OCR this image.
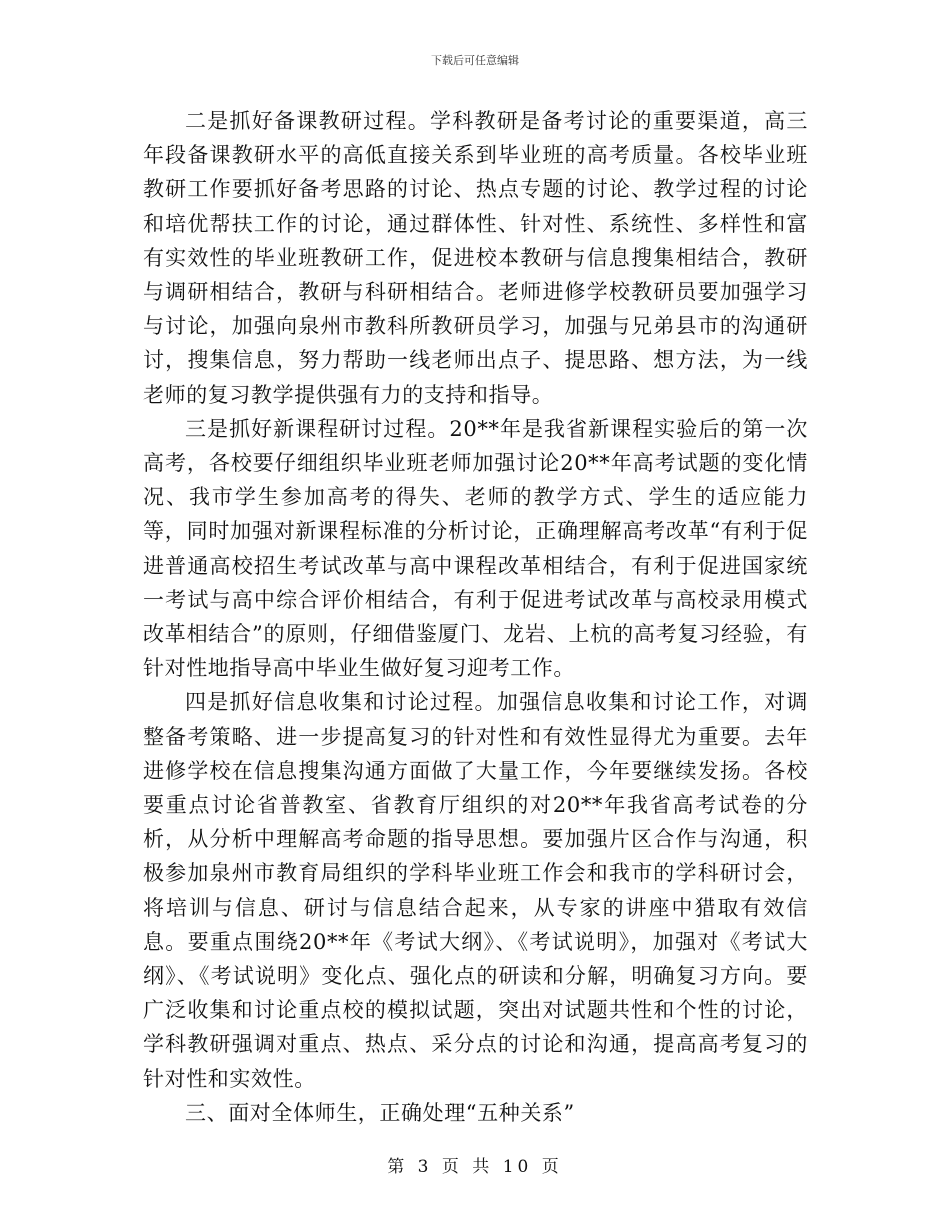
下载后可任意编辑

二是抓好备课教研过程。学科教研是备考讨论的重要渠道，高三年段备课教研水平的高低直接关系到毕业班的高考质量。各校毕业班教研工作要抓好备考思路的讨论、热点专题的讨论、教学过程的讨论和培优帮扶工作的讨论，通过群体性、针对性、系统性、多样性和富有实效性的毕业班教研工作，促进校本教研与信息搜集相结合，教研与调研相结合，教研与科研相结合。老师进修学校教研员要加强学习与讨论，加强向泉州市教科所教研员学习，加强与兄弟县市的沟通研讨，搜集信息，努力帮助一线老师出点子、提思路、想方法，为一线老师的复习教学提供强有力的支持和指导。

三是抓好新课程研讨过程。20**年是我省新课程实验后的第一次高考，各校要仔细组织毕业班老师加强讨论20**年高考试题的变化情况、我市学生参加高考的得失、老师的教学方式、学生的适应能力等，同时加强对新课程标准的分析讨论，正确理解高考改革“有利于促进普通高校招生考试改革与高中课程改革相结合，有利于促进国家统一考试与高中综合评价相结合，有利于促进考试改革与高校录用模式改革相结合”的原则，仔细借鉴厦门、龙岩、上杭的高考复习经验，有针对性地指导高中毕业生做好复习迎考工作。

四是抓好信息收集和讨论过程。加强信息收集和讨论工作，对调整备考策略、进一步提高复习的针对性和有效性显得尤为重要。去年进修学校在信息搜集沟通方面做了大量工作，今年要继续发扬。各校要重点讨论省普教室、省教育厅组织的对20**年我省高考试卷的分析，从分析中理解高考命题的指导思想。要加强片区合作与沟通，积极参加泉州市教育局组织的学科毕业班工作会和我市的学科研讨会，将培训与信息、研讨与信息结合起来，从专家的讲座中猎取有效信息。要重点围绕20**年《考试大纲》、《考试说明》，加强对《考试大纲》、《考试说明》变化点、强化点的研读和分解，明确复习方向。要广泛收集和讨论重点校的模拟试题，突出对试题共性和个性的讨论，学科教研强调对重点、热点、采分点的讨论和沟通，提高高考复习的针对性和实效性。

三、面对全体师生，正确处理“五种关系”

第 3 页 共 10 页
